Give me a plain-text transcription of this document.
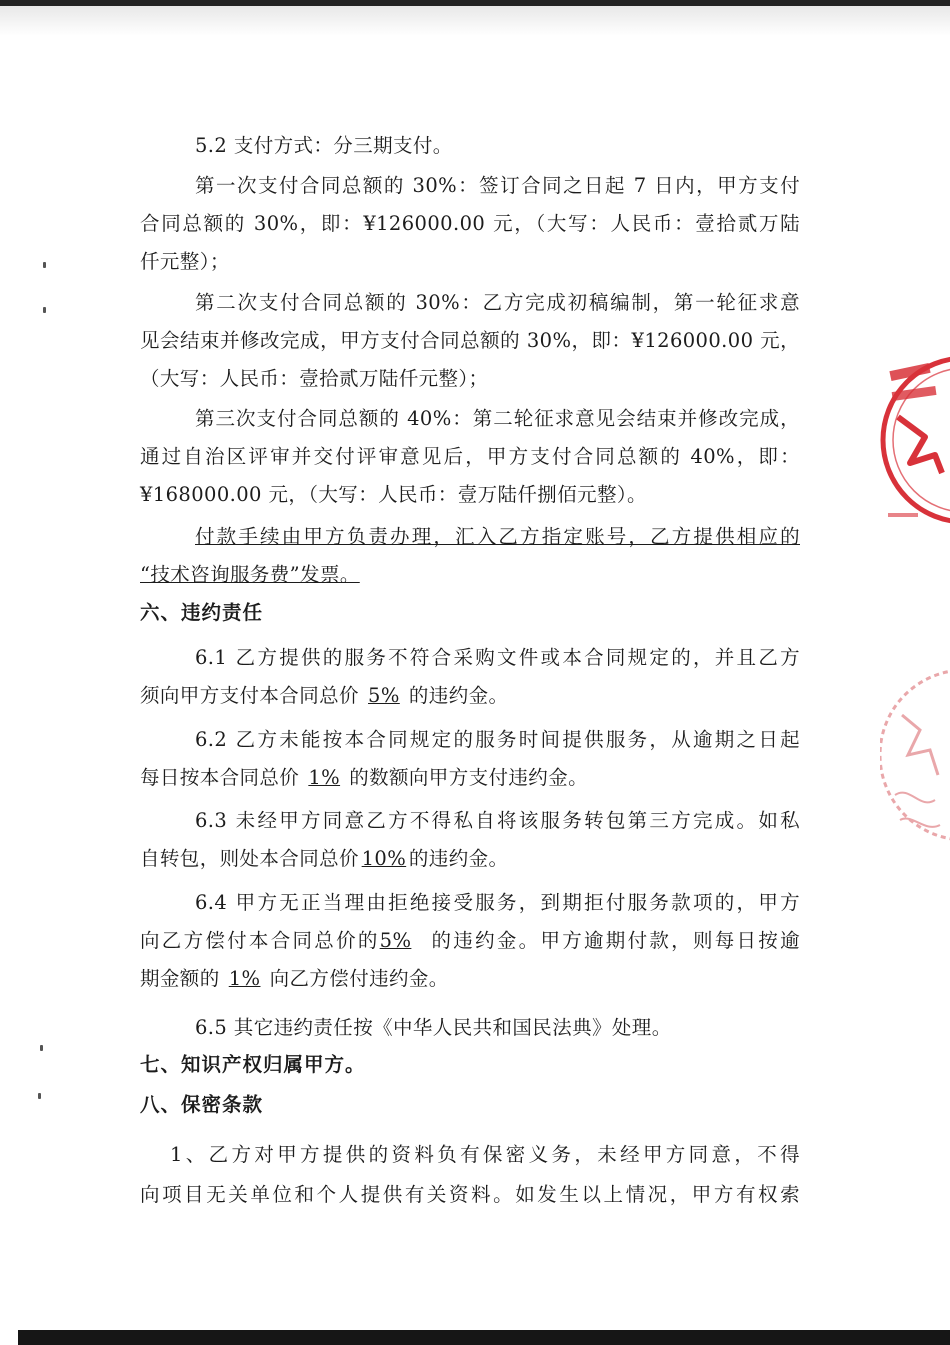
5.2 支付方式：分三期支付。
第一次支付合同总额的 30%：签订合同之日起 7 日内，甲方支付
合同总额的 30%，即：¥126000.00 元，（大写：人民币：壹拾贰万陆
仟元整）；
第二次支付合同总额的 30%：乙方完成初稿编制，第一轮征求意
见会结束并修改完成，甲方支付合同总额的 30%，即：¥126000.00 元，
（大写：人民币：壹拾贰万陆仟元整）；
第三次支付合同总额的 40%：第二轮征求意见会结束并修改完成，
通过自治区评审并交付评审意见后，甲方支付合同总额的 40%，即：
¥168000.00 元，（大写：人民币：壹万陆仟捌佰元整）。
付款手续由甲方负责办理，汇入乙方指定账号，乙方提供相应的
“技术咨询服务费”发票。
六、违约责任
6.1 乙方提供的服务不符合采购文件或本合同规定的，并且乙方
须向甲方支付本合同总价 5% 的违约金。
6.2 乙方未能按本合同规定的服务时间提供服务，从逾期之日起
每日按本合同总价 1% 的数额向甲方支付违约金。
6.3 未经甲方同意乙方不得私自将该服务转包第三方完成。如私
自转包，则处本合同总价 10% 的违约金。
6.4 甲方无正当理由拒绝接受服务，到期拒付服务款项的，甲方
向乙方偿付本合同总价的5% 的违约金。甲方逾期付款，则每日按逾
期金额的 1% 向乙方偿付违约金。
6.5 其它违约责任按《中华人民共和国民法典》处理。
七、知识产权归属甲方。
八、保密条款
1、乙方对甲方提供的资料负有保密义务，未经甲方同意，不得
向项目无关单位和个人提供有关资料。如发生以上情况，甲方有权索
